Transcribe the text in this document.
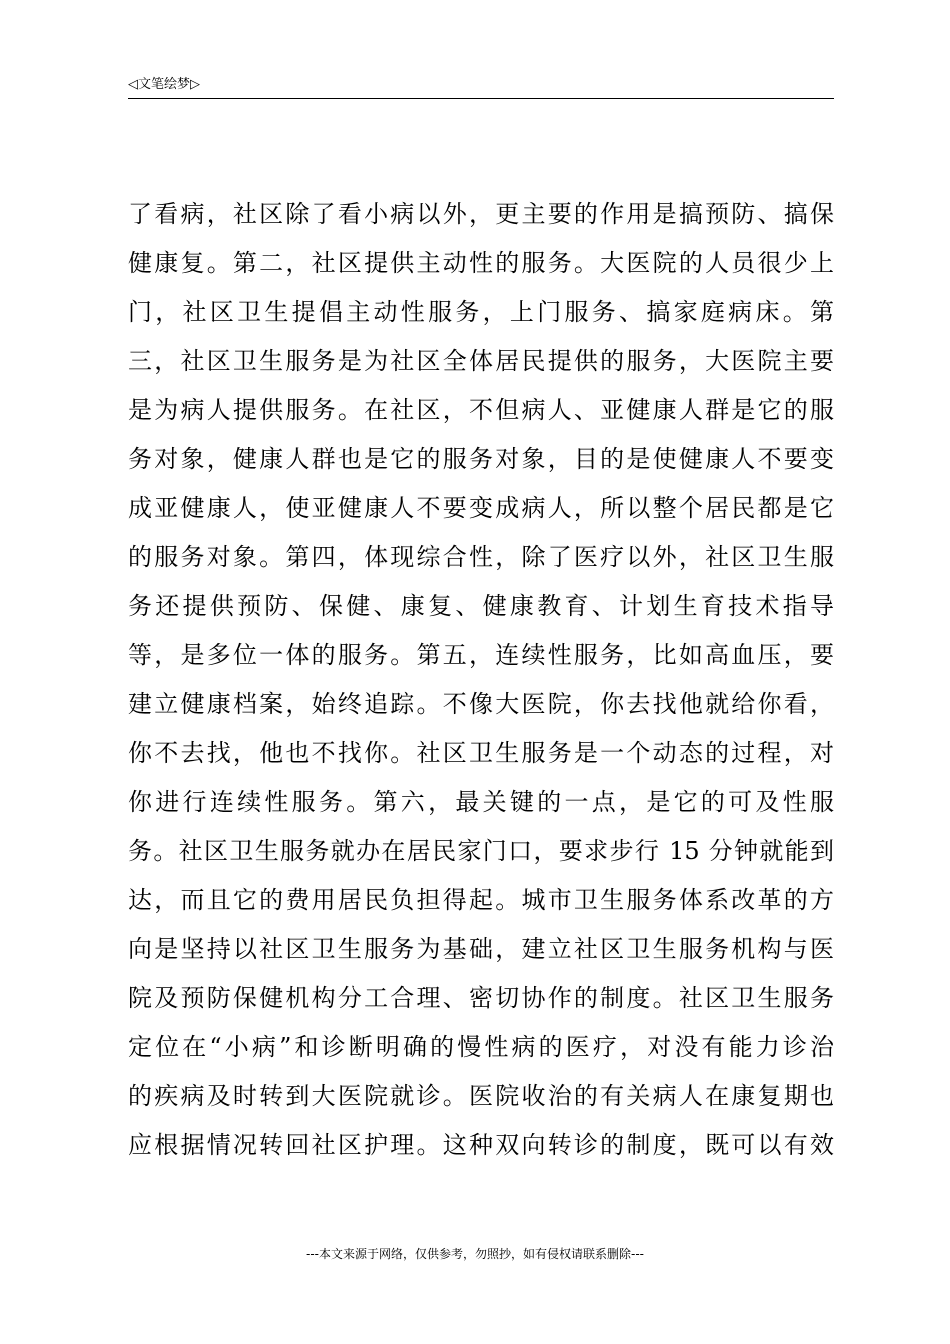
◁文笔绘梦▷
了看病，社区除了看小病以外，更主要的作用是搞预防、搞保
健康复。第二，社区提供主动性的服务。大医院的人员很少上
门，社区卫生提倡主动性服务，上门服务、搞家庭病床。第
三，社区卫生服务是为社区全体居民提供的服务，大医院主要
是为病人提供服务。在社区，不但病人、亚健康人群是它的服
务对象，健康人群也是它的服务对象，目的是使健康人不要变
成亚健康人，使亚健康人不要变成病人，所以整个居民都是它
的服务对象。第四，体现综合性，除了医疗以外，社区卫生服
务还提供预防、保健、康复、健康教育、计划生育技术指导
等，是多位一体的服务。第五，连续性服务，比如高血压，要
建立健康档案，始终追踪。不像大医院，你去找他就给你看，
你不去找，他也不找你。社区卫生服务是一个动态的过程，对
你进行连续性服务。第六，最关键的一点，是它的可及性服
务。社区卫生服务就办在居民家门口，要求步行 15 分钟就能到
达，而且它的费用居民负担得起。城市卫生服务体系改革的方
向是坚持以社区卫生服务为基础，建立社区卫生服务机构与医
院及预防保健机构分工合理、密切协作的制度。社区卫生服务
定位在“小病”和诊断明确的慢性病的医疗，对没有能力诊治
的疾病及时转到大医院就诊。医院收治的有关病人在康复期也
应根据情况转回社区护理。这种双向转诊的制度，既可以有效
---本文来源于网络，仅供参考，勿照抄，如有侵权请联系删除---
